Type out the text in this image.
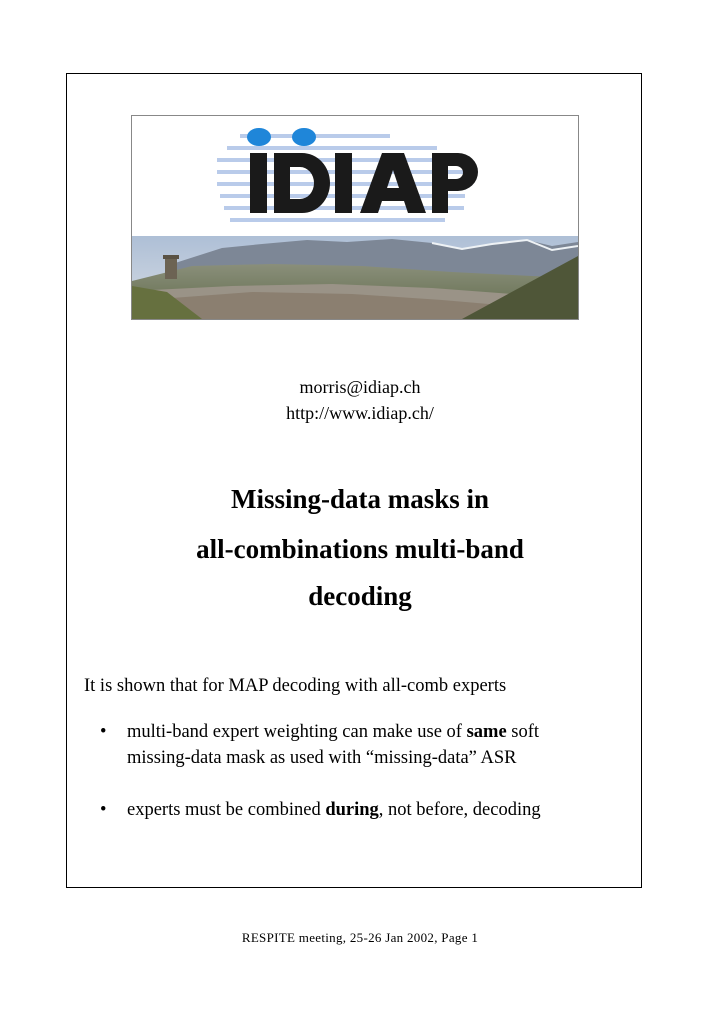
morris@idiap.ch
http://www.idiap.ch/
Missing-data masks in
all-combinations multi-band
decoding
It is shown that for MAP decoding with all-comb experts
• multi-band expert weighting can make use of same soft
missing-data mask as used with “missing-data” ASR
• experts must be combined during, not before, decoding
RESPITE meeting, 25-26 Jan 2002, Page 1
